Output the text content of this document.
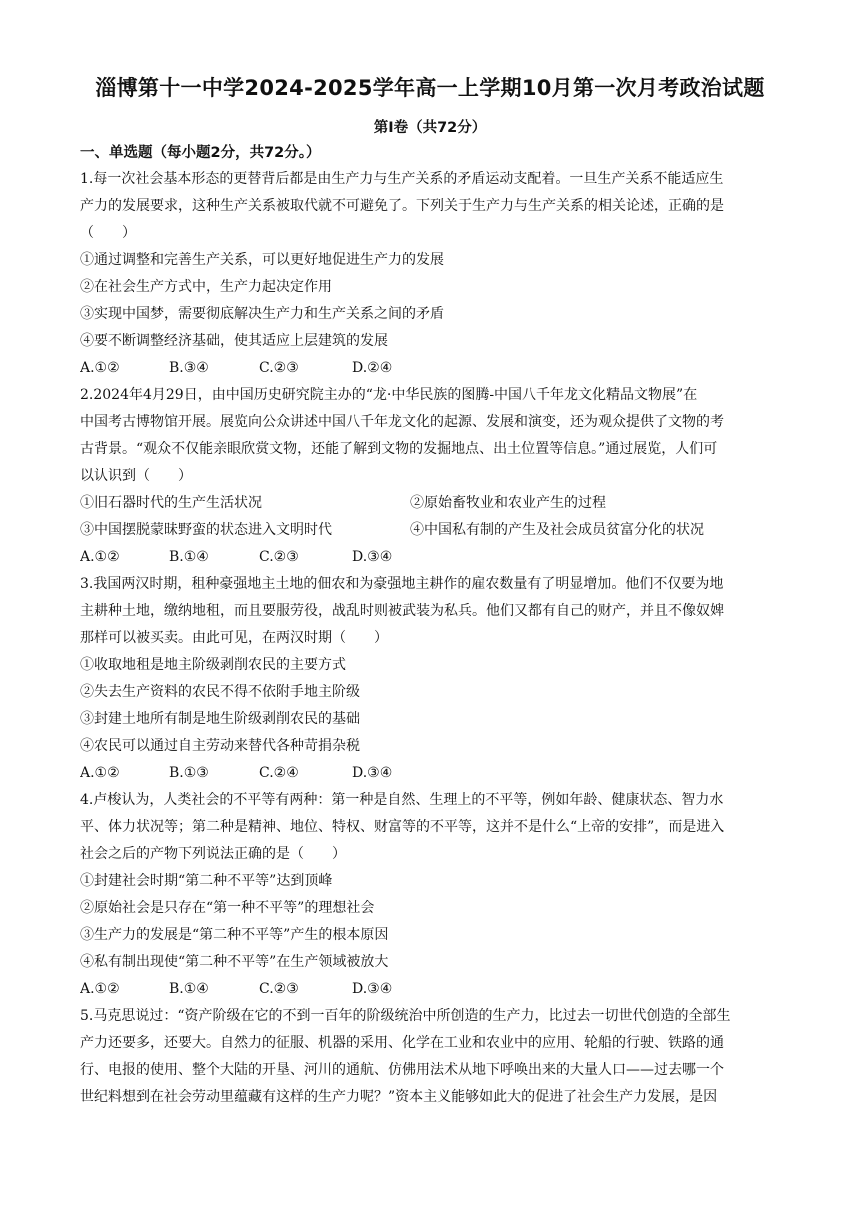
淄博第十一中学2024-2025学年高一上学期10月第一次月考政治试题
第Ⅰ卷（共72分）
一、单选题（每小题2分，共72分。）
1.每一次社会基本形态的更替背后都是由生产力与生产关系的矛盾运动支配着。一旦生产关系不能适应生
产力的发展要求，这种生产关系被取代就不可避免了。下列关于生产力与生产关系的相关论述，正确的是
（　　）
①通过调整和完善生产关系，可以更好地促进生产力的发展
②在社会生产方式中，生产力起决定作用
③实现中国梦，需要彻底解决生产力和生产关系之间的矛盾
④要不断调整经济基础，使其适应上层建筑的发展
A.①②	B.③④	C.②③	D.②④
2.2024年4月29日，由中国历史研究院主办的“龙·中华民族的图腾-中国八千年龙文化精品文物展”在
中国考古博物馆开展。展览向公众讲述中国八千年龙文化的起源、发展和演变，还为观众提供了文物的考
古背景。“观众不仅能亲眼欣赏文物，还能了解到文物的发掘地点、出土位置等信息。”通过展览，人们可
以认识到（　　）
①旧石器时代的生产生活状况	②原始畜牧业和农业产生的过程
③中国摆脱蒙昧野蛮的状态进入文明时代	④中国私有制的产生及社会成员贫富分化的状况
A.①②	B.①④	C.②③	D.③④
3.我国两汉时期，租种豪强地主土地的佃农和为豪强地主耕作的雇农数量有了明显增加。他们不仅要为地
主耕种土地，缴纳地租，而且要服劳役，战乱时则被武装为私兵。他们又都有自己的财产，并且不像奴婢
那样可以被买卖。由此可见，在两汉时期（　　）
①收取地租是地主阶级剥削农民的主要方式
②失去生产资料的农民不得不依附手地主阶级
③封建土地所有制是地生阶级剥削农民的基础
④农民可以通过自主劳动来替代各种苛捐杂税
A.①②	B.①③	C.②④	D.③④
4.卢梭认为，人类社会的不平等有两种：第一种是自然、生理上的不平等，例如年龄、健康状态、智力水
平、体力状况等；第二种是精神、地位、特权、财富等的不平等，这并不是什么“上帝的安排”，而是进入
社会之后的产物下列说法正确的是（　　）
①封建社会时期“第二种不平等”达到顶峰
②原始社会是只存在“第一种不平等”的理想社会
③生产力的发展是“第二种不平等”产生的根本原因
④私有制出现使“第二种不平等”在生产领域被放大
A.①②	B.①④	C.②③	D.③④
5.马克思说过：“资产阶级在它的不到一百年的阶级统治中所创造的生产力，比过去一切世代创造的全部生
产力还要多，还要大。自然力的征服、机器的采用、化学在工业和农业中的应用、轮船的行驶、铁路的通
行、电报的使用、整个大陆的开垦、河川的通航、仿佛用法术从地下呼唤出来的大量人口——过去哪一个
世纪料想到在社会劳动里蕴藏有这样的生产力呢？”资本主义能够如此大的促进了社会生产力发展，是因
